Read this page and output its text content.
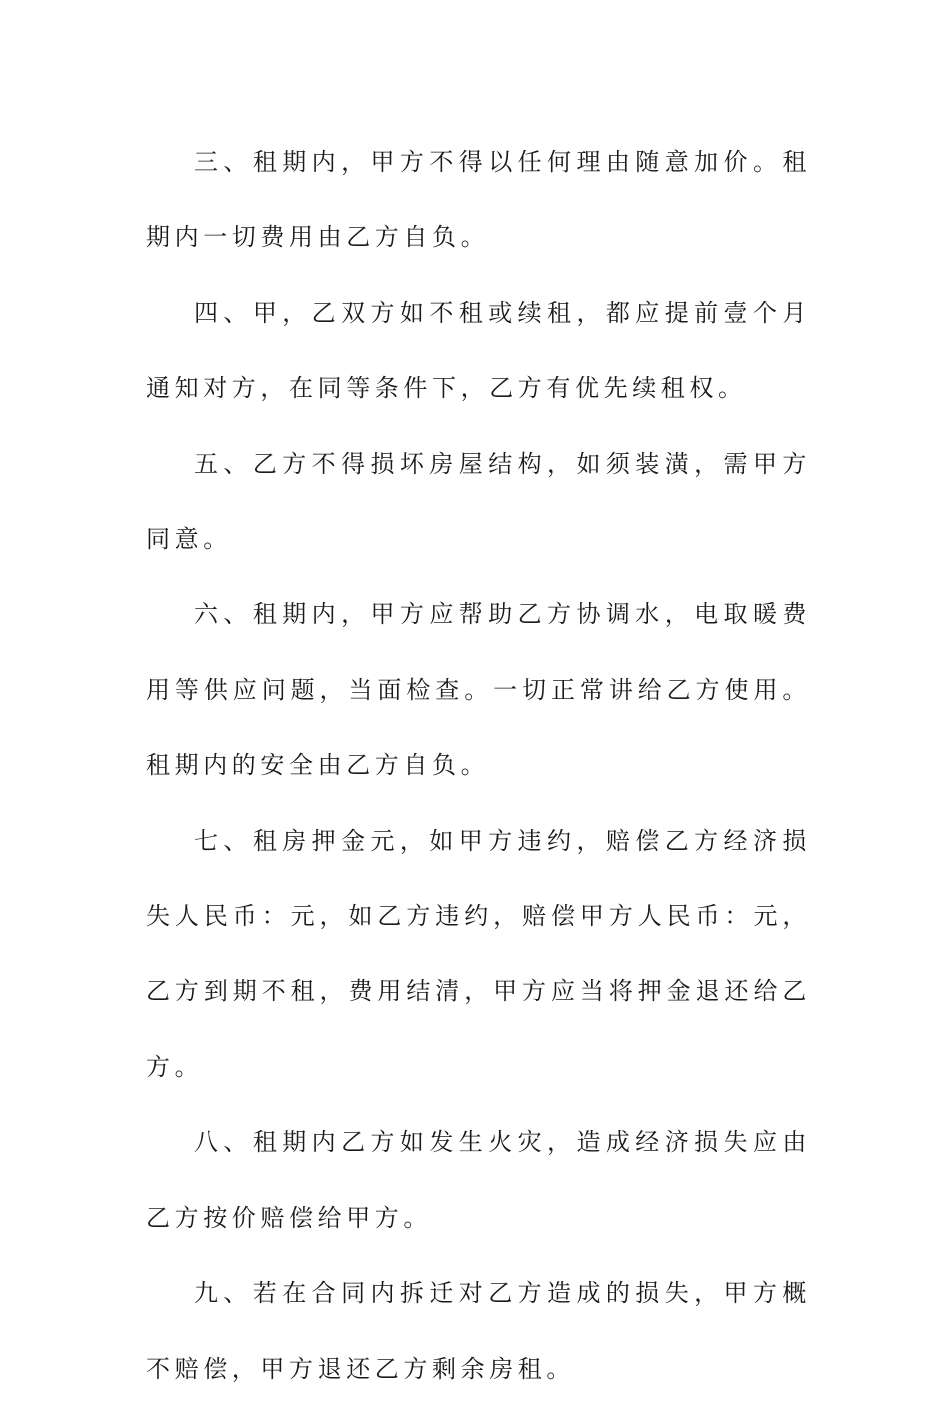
三、租期内，甲方不得以任何理由随意加价。租期内一切费用由乙方自负。

四、甲，乙双方如不租或续租，都应提前壹个月通知对方，在同等条件下，乙方有优先续租权。

五、乙方不得损坏房屋结构，如须装潢，需甲方同意。

六、租期内，甲方应帮助乙方协调水，电取暖费用等供应问题，当面检查。一切正常讲给乙方使用。租期内的安全由乙方自负。

七、租房押金元，如甲方违约，赔偿乙方经济损失人民币：元，如乙方违约，赔偿甲方人民币：元，乙方到期不租，费用结清，甲方应当将押金退还给乙方。

八、租期内乙方如发生火灾，造成经济损失应由乙方按价赔偿给甲方。

九、若在合同内拆迁对乙方造成的损失，甲方概不赔偿，甲方退还乙方剩余房租。
